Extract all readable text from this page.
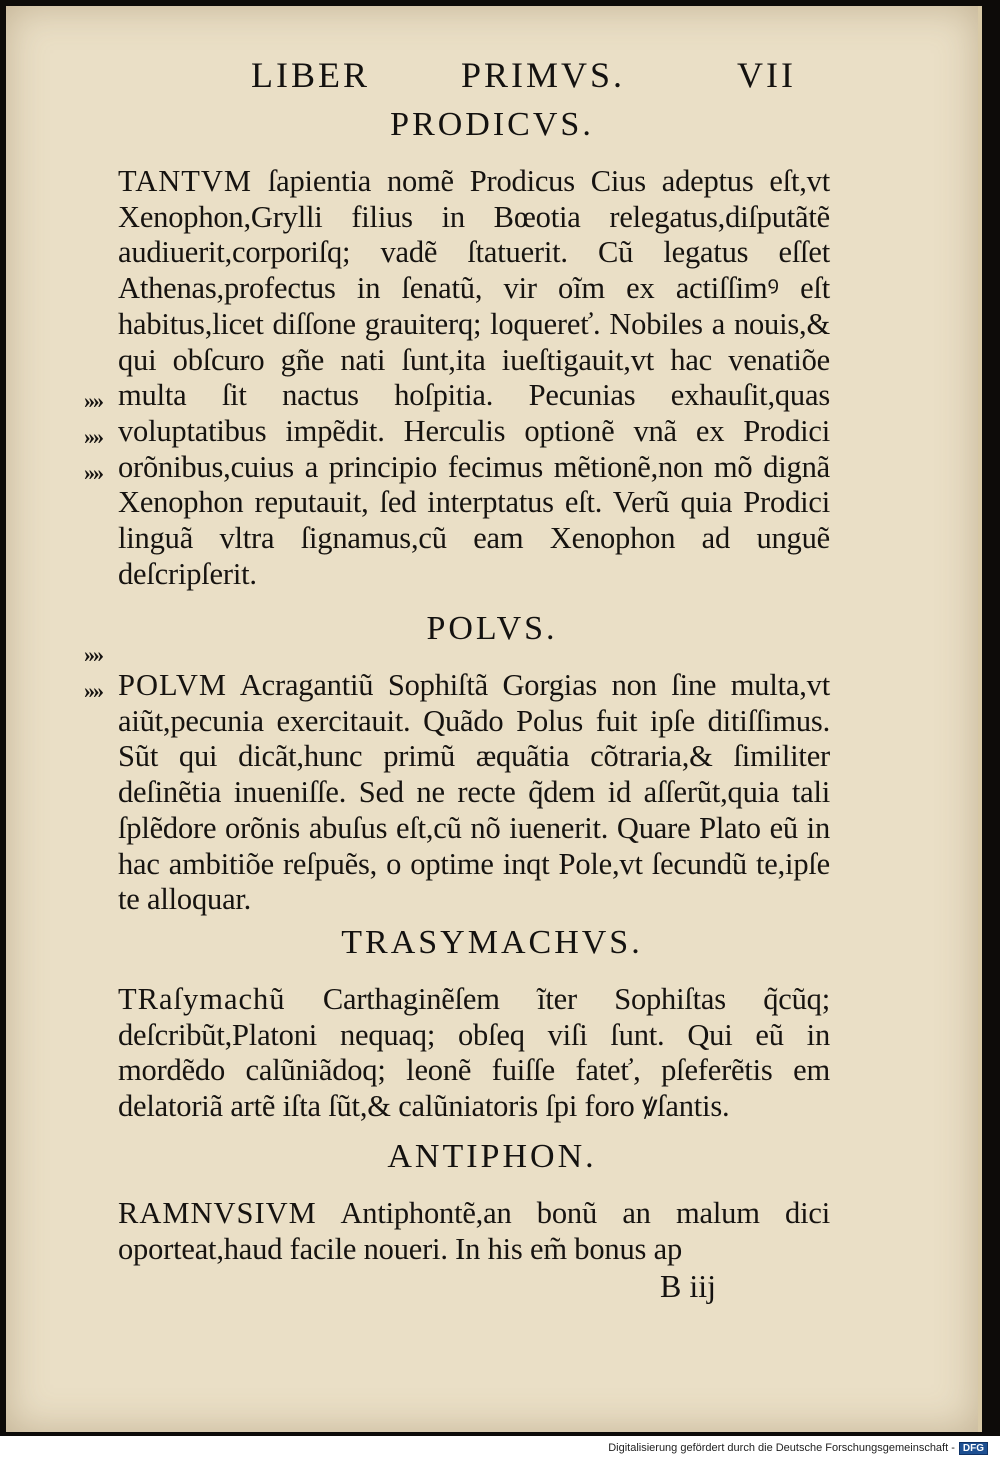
LIBER	PRIMVS.	VII
PRODICVS.

TANTVM ſapientia nomẽ Prodicus Cius adeptus eſt,vt Xenophon,Grylli filius in Bœotia relegatus,diſputãtẽ audiuerit,corporiſq; vadẽ ſtatuerit. Cũ legatus eſſet Athenas,profectus in ſenatũ, vir oĩm ex actiſſimꝰ eſt habitus,licet diſſone grauiterq; loquereť. Nobiles a nouis,& qui obſcuro gñe nati ſunt,ita iueſtigauit,vt hac venatiõe multa ſit nactus hoſpitia. Pecunias exhauſit,quas voluptatibus impẽdit. Herculis optionẽ vnã ex Prodici orõnibus,cuius a principio fecimus mẽtionẽ,non mõ dignã Xenophon reputauit, ſed interptatus eſt. Verũ quia Prodici linguã vltra ſignamus,cũ eam Xenophon ad unguẽ deſcripſerit.

»»
»»
»»
POLVS.
»»
»» POLVM Acragantiũ Sophiſtã Gorgias non ſine multa,vt aiũt,pecunia exercitauit. Quãdo Polus fuit ipſe ditiſſimus. Sũt qui dicãt,hunc primũ æquãtia cõtraria,& ſimiliter deſinẽtia inueniſſe. Sed ne recte q̃dem id aſſerũt,quia tali ſplẽdore orõnis abuſus eſt,cũ nõ iuenerit. Quare Plato eũ in hac ambitiõe reſpuẽs, o optime inqt Pole,vt ſecundũ te,ipſe te alloquar.

TRASYMACHVS.

TRaſymachũ Carthaginẽſem ĩter Sophiſtas q̃cũq; deſcribũt,Platoni nequaq; obſeq viſi ſunt. Qui eũ in mordẽdo calũniãdoq; leonẽ fuiſſe fateť, pſeferẽtis em delatoriã artẽ iſta ſũt,& calũniatoris ſpi foro ꝟſantis.

ANTIPHON.

RAMNVSIVM Antiphontẽ,an bonũ an malum dici oporteat,haud facile noueri. In his em̃ bonus ap

B iij
Digitalisierung gefördert durch die Deutsche Forschungsgemeinschaft - DFG
